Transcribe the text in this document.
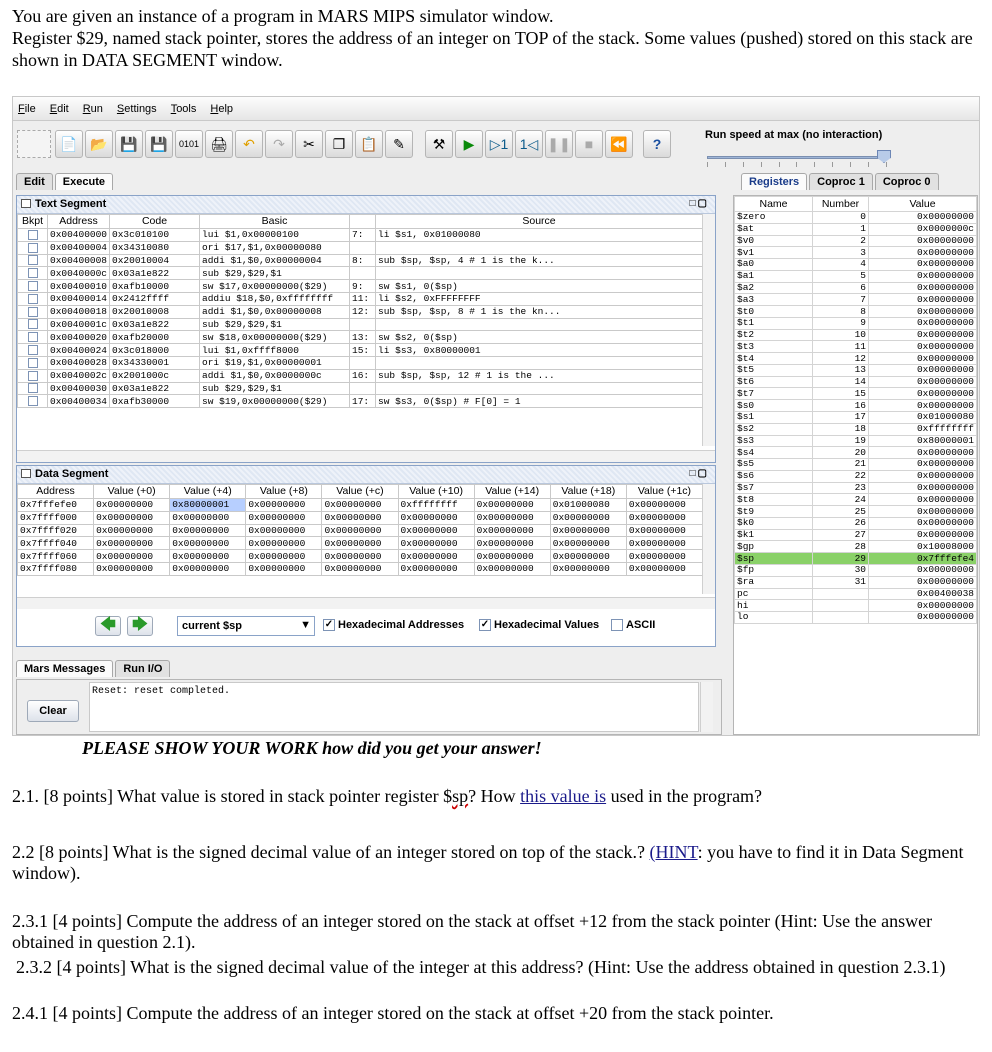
You are given an instance of a program in MARS MIPS simulator window.
Register $29, named stack pointer, stores the address of an integer on TOP of the stack. Some values (pushed) stored on this stack are shown in DATA SEGMENT window.
File Edit Run Settings Tools Help
📄 📂 💾 💾	0101 🖨	↶	↷	✂	❐	📋	✎	⚒	▶	▷1 1◁ ❚❚	■	⏪	?
Run speed at max (no interaction)
Edit	Execute
Text Segment	□▢
Bkpt	Address	Code	Basic		Source
	0x00400000	0x3c010100	lui $1,0x00000100	7:	li $s1, 0x01000080
	0x00400004	0x34310080	ori $17,$1,0x00000080		
	0x00400008	0x20010004	addi $1,$0,0x00000004	8:	sub $sp, $sp, 4 # 1 is the k...
	0x0040000c	0x03a1e822	sub $29,$29,$1		
	0x00400010	0xafb10000	sw $17,0x00000000($29)	9:	sw $s1, 0($sp)
	0x00400014	0x2412ffff	addiu $18,$0,0xffffffff	11:	li $s2, 0xFFFFFFFF
	0x00400018	0x20010008	addi $1,$0,0x00000008	12:	sub $sp, $sp, 8 # 1 is the kn...
	0x0040001c	0x03a1e822	sub $29,$29,$1		
	0x00400020	0xafb20000	sw $18,0x00000000($29)	13:	sw $s2, 0($sp)
	0x00400024	0x3c018000	lui $1,0xffff8000	15:	li $s3, 0x80000001
	0x00400028	0x34330001	ori $19,$1,0x00000001		
	0x0040002c	0x2001000c	addi $1,$0,0x0000000c	16:	sub $sp, $sp, 12 # 1 is the ...
	0x00400030	0x03a1e822	sub $29,$29,$1		
	0x00400034	0xafb30000	sw $19,0x00000000($29)	17:	sw $s3, 0($sp) # F[0] = 1
Data Segment	□▢
Address	Value (+0)	Value (+4)	Value (+8)	Value (+c)	Value (+10)	Value (+14)	Value (+18)	Value (+1c)
0x7fffefe0	0x00000000	0x80000001	0x00000000	0x00000000	0xffffffff	0x00000000	0x01000080	0x00000000
0x7ffff000	0x00000000	0x00000000	0x00000000	0x00000000	0x00000000	0x00000000	0x00000000	0x00000000
0x7ffff020	0x00000000	0x00000000	0x00000000	0x00000000	0x00000000	0x00000000	0x00000000	0x00000000
0x7ffff040	0x00000000	0x00000000	0x00000000	0x00000000	0x00000000	0x00000000	0x00000000	0x00000000
0x7ffff060	0x00000000	0x00000000	0x00000000	0x00000000	0x00000000	0x00000000	0x00000000	0x00000000
0x7ffff080	0x00000000	0x00000000	0x00000000	0x00000000	0x00000000	0x00000000	0x00000000	0x00000000
🡄	🡆	current $sp	▼ ✓ Hexadecimal Addresses ✓ Hexadecimal Values ASCII
Mars Messages	Run I/O
Clear
Reset: reset completed.
Registers	Coproc 1	Coproc 0
Name	Number	Value
$zero	0	0x00000000
$at	1	0x0000000c
$v0	2	0x00000000
$v1	3	0x00000000
$a0	4	0x00000000
$a1	5	0x00000000
$a2	6	0x00000000
$a3	7	0x00000000
$t0	8	0x00000000
$t1	9	0x00000000
$t2	10	0x00000000
$t3	11	0x00000000
$t4	12	0x00000000
$t5	13	0x00000000
$t6	14	0x00000000
$t7	15	0x00000000
$s0	16	0x00000000
$s1	17	0x01000080
$s2	18	0xffffffff
$s3	19	0x80000001
$s4	20	0x00000000
$s5	21	0x00000000
$s6	22	0x00000000
$s7	23	0x00000000
$t8	24	0x00000000
$t9	25	0x00000000
$k0	26	0x00000000
$k1	27	0x00000000
$gp	28	0x10008000
$sp	29	0x7fffefe4
$fp	30	0x00000000
$ra	31	0x00000000
pc		0x00400038
hi		0x00000000
lo		0x00000000
PLEASE SHOW YOUR WORK how did you get your answer!
2.1. [8 points] What value is stored in stack pointer register $sp? How this value is used in the program?
2.2 [8 points] What is the signed decimal value of an integer stored on top of the stack.? (HINT: you have to find it in Data Segment window).
2.3.1 [4 points] Compute the address of an integer stored on the stack at offset +12 from the stack pointer (Hint: Use the answer obtained in question 2.1).
2.3.2 [4 points] What is the signed decimal value of the integer at this address? (Hint: Use the address obtained in question 2.3.1)
2.4.1 [4 points] Compute the address of an integer stored on the stack at offset +20 from the stack pointer.
